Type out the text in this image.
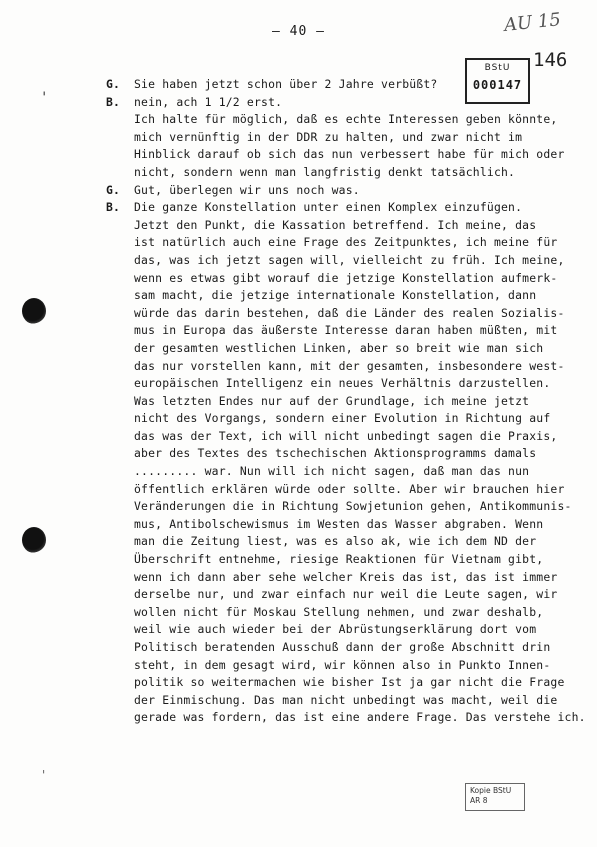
– 40 –	AU 15
146
BStU
000147
'
G.	Sie haben jetzt schon über 2 Jahre verbüßt?
B.	nein, ach 1 1/2 erst.
Ich halte für möglich, daß es echte Interessen geben könnte,
mich vernünftig in der DDR zu halten, und zwar nicht im
Hinblick darauf ob sich das nun verbessert habe für mich oder
nicht, sondern wenn man langfristig denkt tatsächlich.
G.	Gut, überlegen wir uns noch was.
B.	Die ganze Konstellation unter einen Komplex einzufügen.
Jetzt den Punkt, die Kassation betreffend. Ich meine, das
ist natürlich auch eine Frage des Zeitpunktes, ich meine für
das, was ich jetzt sagen will, vielleicht zu früh. Ich meine,
wenn es etwas gibt worauf die jetzige Konstellation aufmerk-
sam macht, die jetzige internationale Konstellation, dann
würde das darin bestehen, daß die Länder des realen Sozialis-
mus in Europa das äußerste Interesse daran haben müßten, mit
der gesamten westlichen Linken, aber so breit wie man sich
das nur vorstellen kann, mit der gesamten, insbesondere west-
europäischen Intelligenz ein neues Verhältnis darzustellen.
Was letzten Endes nur auf der Grundlage, ich meine jetzt
nicht des Vorgangs, sondern einer Evolution in Richtung auf
das was der Text, ich will nicht unbedingt sagen die Praxis,
aber des Textes des tschechischen Aktionsprogramms damals
......... war. Nun will ich nicht sagen, daß man das nun
öffentlich erklären würde oder sollte. Aber wir brauchen hier
Veränderungen die in Richtung Sowjetunion gehen, Antikommunis-
mus, Antibolschewismus im Westen das Wasser abgraben. Wenn
man die Zeitung liest, was es also ak, wie ich dem ND der
Überschrift entnehme, riesige Reaktionen für Vietnam gibt,
wenn ich dann aber sehe welcher Kreis das ist, das ist immer
derselbe nur, und zwar einfach nur weil die Leute sagen, wir
wollen nicht für Moskau Stellung nehmen, und zwar deshalb,
weil wie auch wieder bei der Abrüstungserklärung dort vom
Politisch beratenden Ausschuß dann der große Abschnitt drin
steht, in dem gesagt wird, wir können also in Punkto Innen-
politik so weitermachen wie bisher Ist ja gar nicht die Frage
der Einmischung. Das man nicht unbedingt was macht, weil die
gerade was fordern, das ist eine andere Frage. Das verstehe ich.
'
Kopie BStU
AR 8
